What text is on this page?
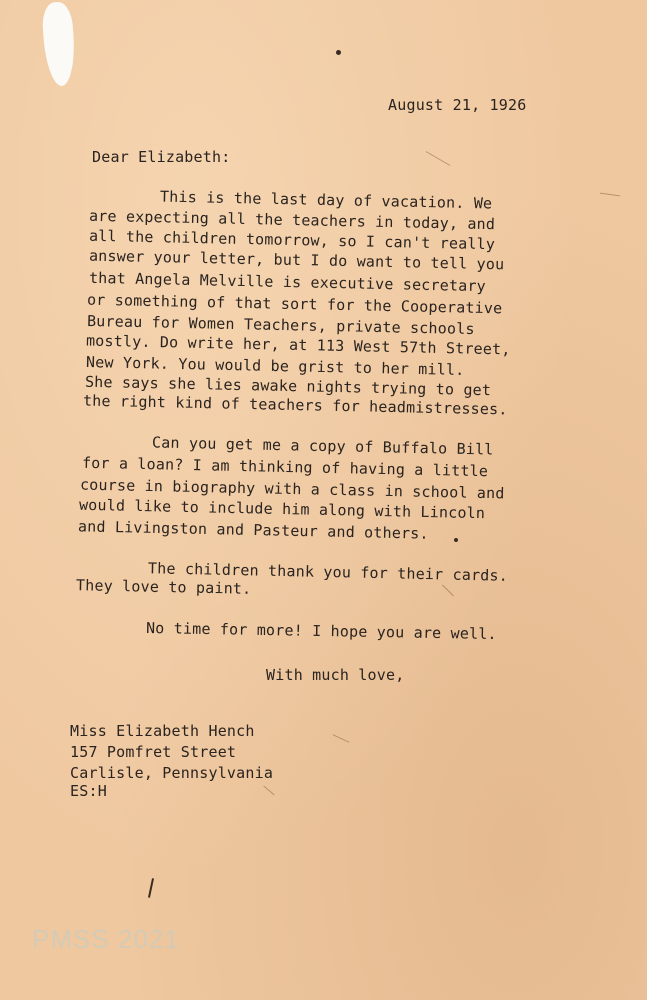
August 21, 1926
Dear Elizabeth:
This is the last day of vacation. We
are expecting all the teachers in today, and
all the children tomorrow, so I can't really
answer your letter, but I do want to tell you
that Angela Melville is executive secretary
or something of that sort for the Cooperative
Bureau for Women Teachers, private schools
mostly. Do write her, at 113 West 57th Street,
New York. You would be grist to her mill.
She says she lies awake nights trying to get
the right kind of teachers for headmistresses.
Can you get me a copy of Buffalo Bill
for a loan? I am thinking of having a little
course in biography with a class in school and
would like to include him along with Lincoln
and Livingston and Pasteur and others.
The children thank you for their cards.
They love to paint.
No time for more! I hope you are well.
With much love,
Miss Elizabeth Hench
157 Pomfret Street
Carlisle, Pennsylvania
ES:H
PMSS 2021
